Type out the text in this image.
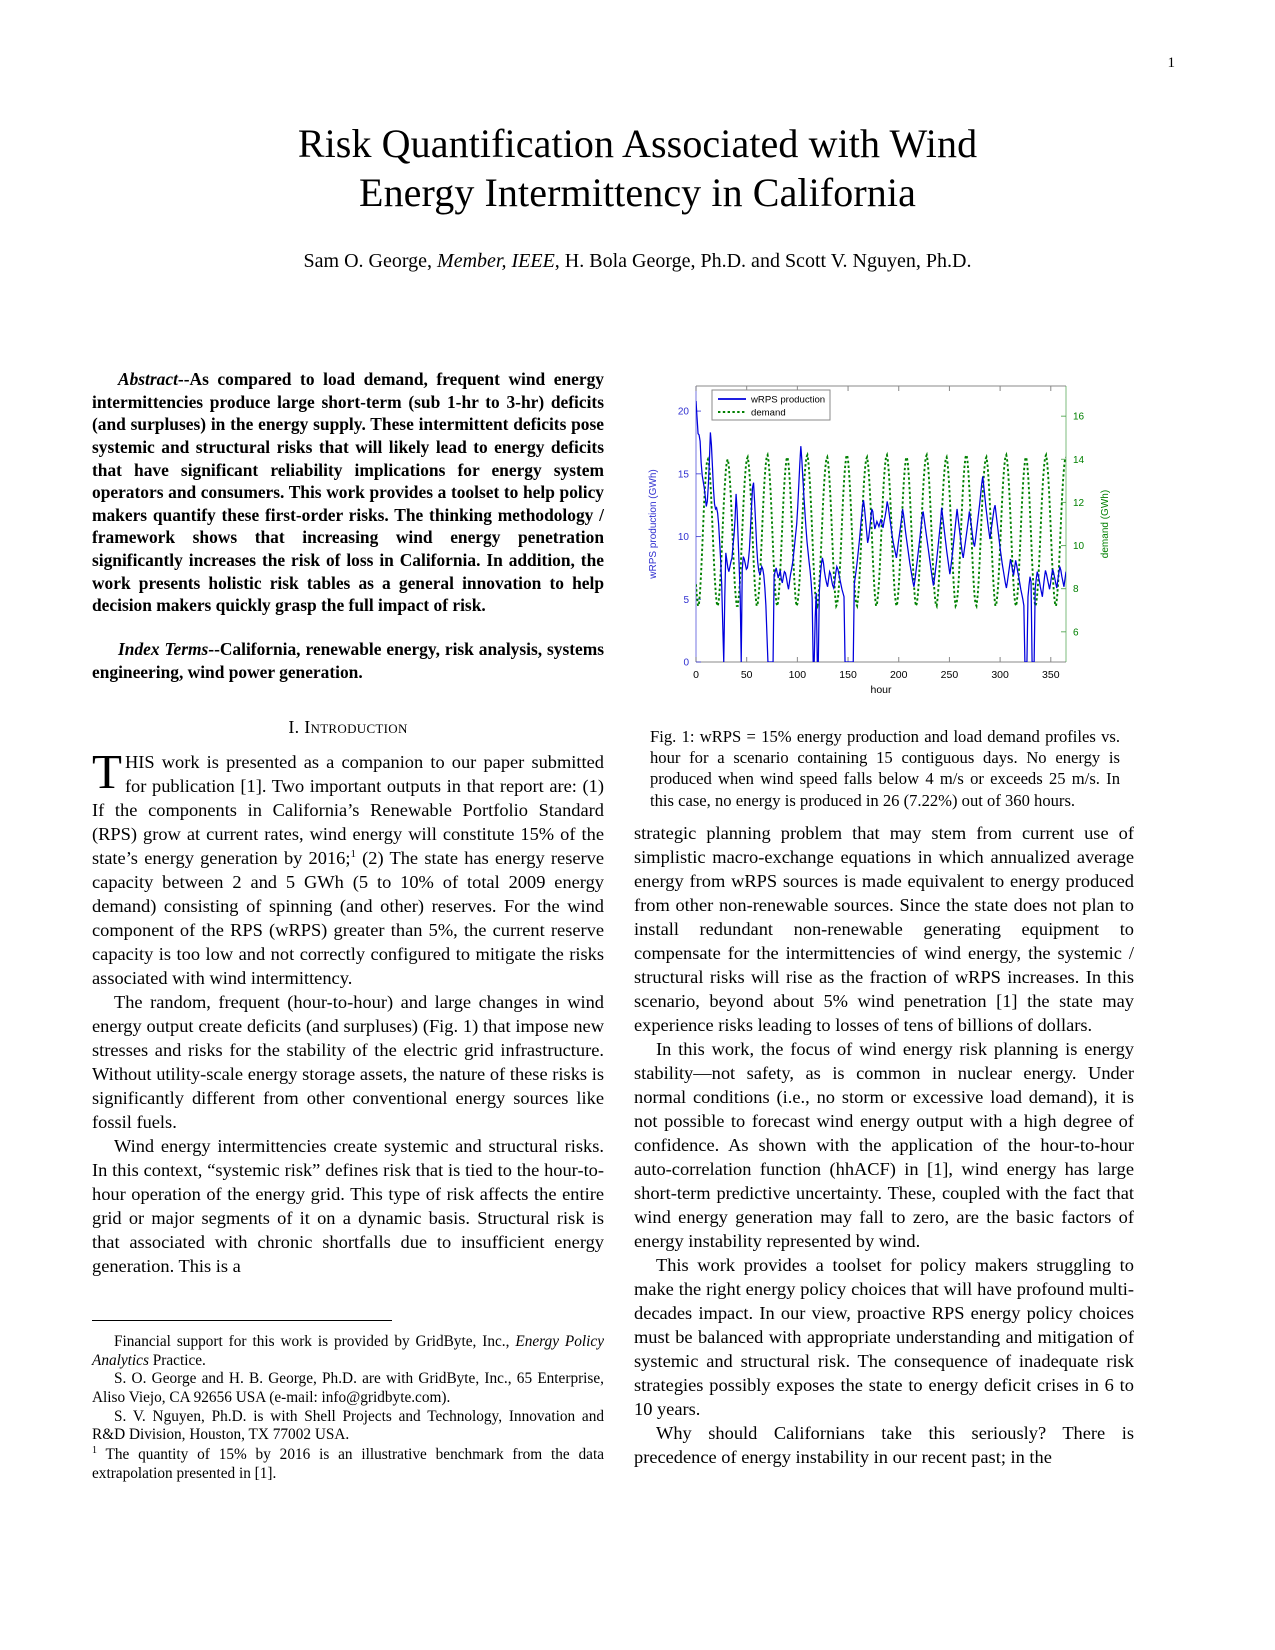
1
Risk Quantification Associated with Wind
Energy Intermittency in California
Sam O. George, Member, IEEE, H. Bola George, Ph.D. and Scott V. Nguyen, Ph.D.

Abstract--As compared to load demand, frequent wind energy intermittencies produce large short-term (sub 1-hr to 3-hr) deficits (and surpluses) in the energy supply. These intermittent deficits pose systemic and structural risks that will likely lead to energy deficits that have significant reliability implications for energy system operators and consumers. This work provides a toolset to help policy makers quantify these first-order risks. The thinking methodology / framework shows that increasing wind energy penetration significantly increases the risk of loss in California. In addition, the work presents holistic risk tables as a general innovation to help decision makers quickly grasp the full impact of risk.

Index Terms--California, renewable energy, risk analysis, systems engineering, wind power generation.

I. Introduction
THIS work is presented as a companion to our paper submitted for publication [1]. Two important outputs in that report are: (1) If the components in California’s Renewable Portfolio Standard (RPS) grow at current rates, wind energy will constitute 15% of the state’s energy generation by 2016;$^1$ (2) The state has energy reserve capacity between 2 and 5 GWh (5 to 10% of total 2009 energy demand) consisting of spinning (and other) reserves. For the wind component of the RPS (wRPS) greater than 5%, the current reserve capacity is too low and not correctly configured to mitigate the risks associated with wind intermittency.

The random, frequent (hour-to-hour) and large changes in wind energy output create deficits (and surpluses) (Fig. 1) that impose new stresses and risks for the stability of the electric grid infrastructure. Without utility-scale energy storage assets, the nature of these risks is significantly different from other conventional energy sources like fossil fuels.

Wind energy intermittencies create systemic and structural risks. In this context, “systemic risk” defines risk that is tied to the hour-to-hour operation of the energy grid. This type of risk affects the entire grid or major segments of it on a dynamic basis. Structural risk is that associated with chronic shortfalls due to insufficient energy generation. This is a

0	50	100	150	200	250	300	350
hour
0
5
10
15
20
wRPS production (GWh)
6
8
10
12
14
16
demand (GWh)
wRPS production
demand
Fig. 1: wRPS = 15% energy production and load demand profiles vs. hour for a scenario containing 15 contiguous days. No energy is produced when wind speed falls below 4 m/s or exceeds 25 m/s. In this case, no energy is produced in 26 (7.22%) out of 360 hours.

strategic planning problem that may stem from current use of simplistic macro-exchange equations in which annualized average energy from wRPS sources is made equivalent to energy produced from other non-renewable sources. Since the state does not plan to install redundant non-renewable generating equipment to compensate for the intermittencies of wind energy, the systemic / structural risks will rise as the fraction of wRPS increases. In this scenario, beyond about 5% wind penetration [1] the state may experience risks leading to losses of tens of billions of dollars.

In this work, the focus of wind energy risk planning is energy stability—not safety, as is common in nuclear energy. Under normal conditions (i.e., no storm or excessive load demand), it is not possible to forecast wind energy output with a high degree of confidence. As shown with the application of the hour-to-hour auto-correlation function (hhACF) in [1], wind energy has large short-term predictive uncertainty. These, coupled with the fact that wind energy generation may fall to zero, are the basic factors of energy instability represented by wind.

This work provides a toolset for policy makers struggling to make the right energy policy choices that will have profound multi-decades impact. In our view, proactive RPS energy policy choices must be balanced with appropriate understanding and mitigation of systemic and structural risk. The consequence of inadequate risk strategies possibly exposes the state to energy deficit crises in 6 to 10 years.

Why should Californians take this seriously? There is precedence of energy instability in our recent past; in the

Financial support for this work is provided by GridByte, Inc., Energy Policy Analytics Practice.

S. O. George and H. B. George, Ph.D. are with GridByte, Inc., 65 Enterprise, Aliso Viejo, CA 92656 USA (e-mail: info@gridbyte.com).

S. V. Nguyen, Ph.D. is with Shell Projects and Technology, Innovation and R&D Division, Houston, TX 77002 USA.

$^1$ The quantity of 15% by 2016 is an illustrative benchmark from the data extrapolation presented in [1].
